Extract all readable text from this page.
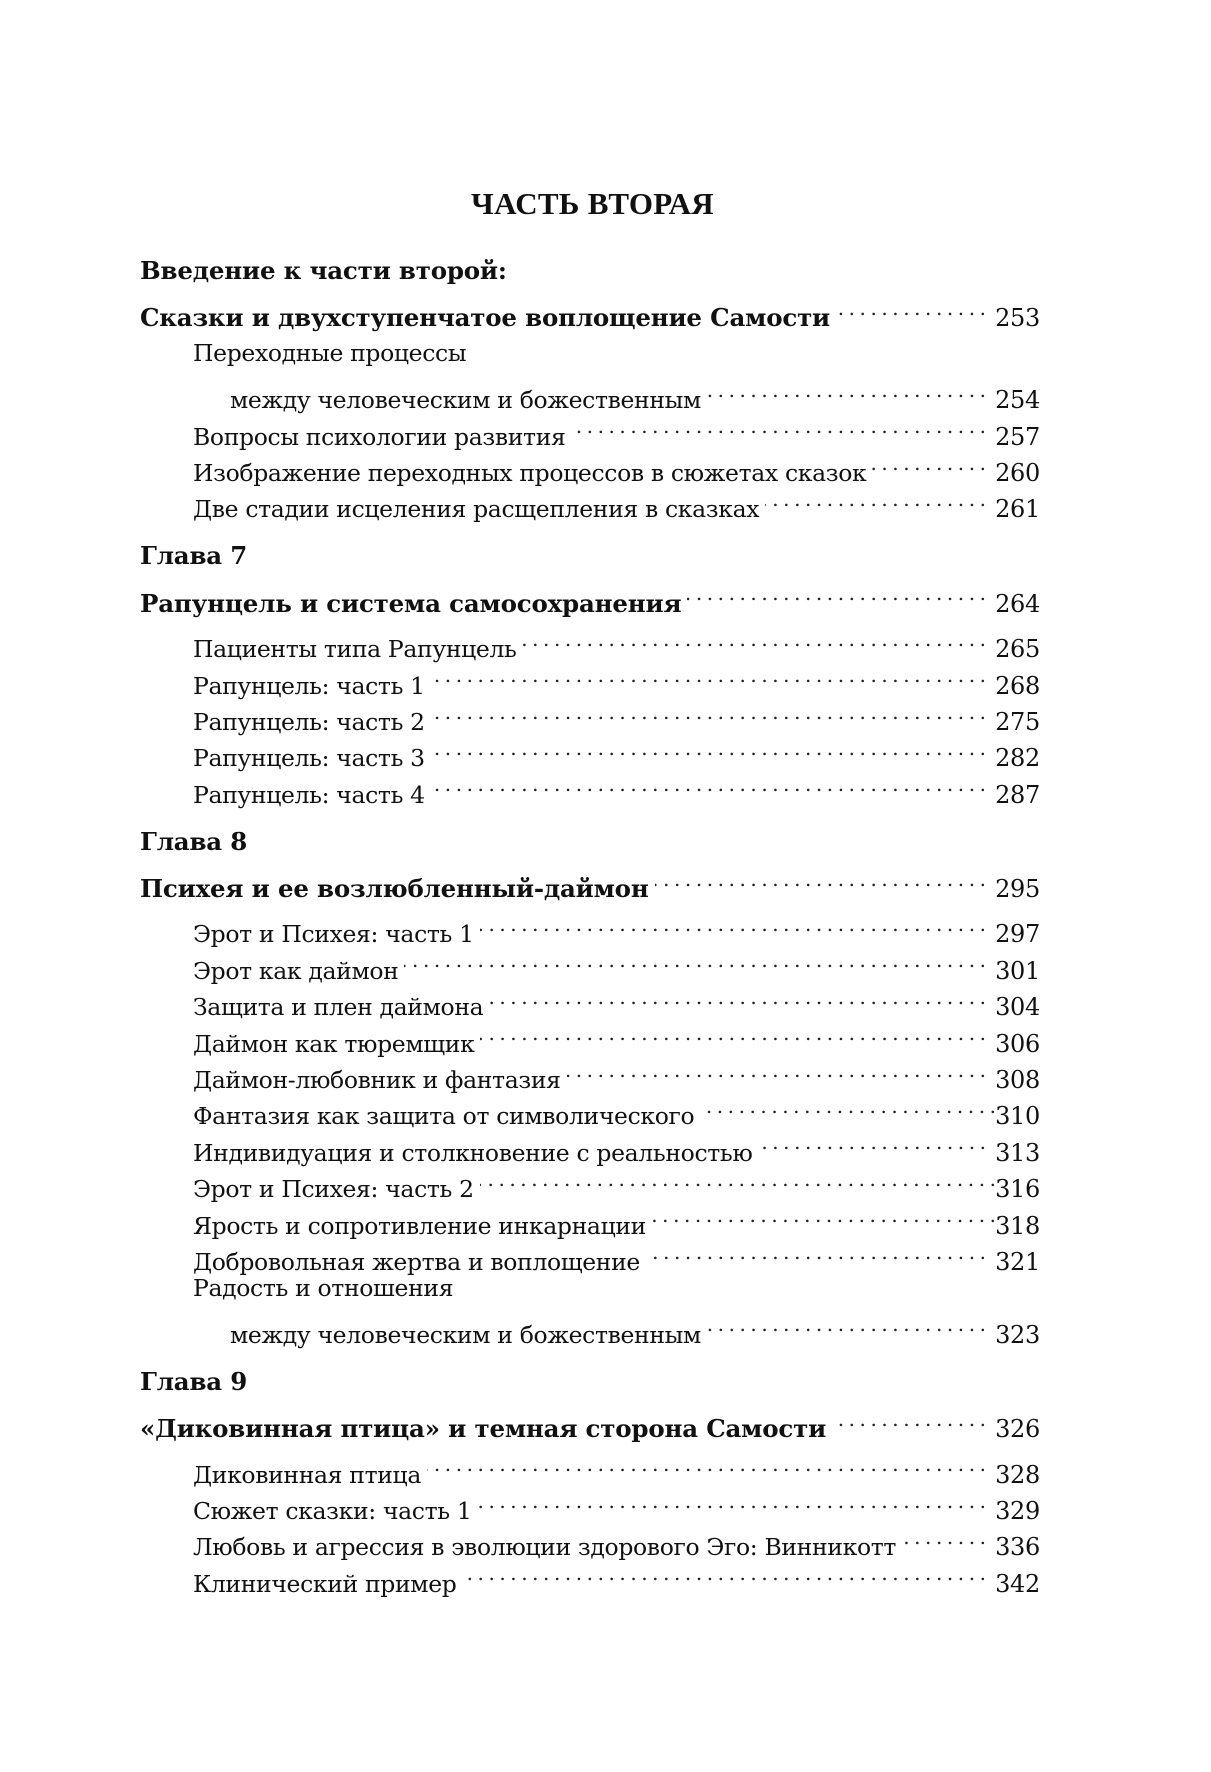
ЧАСТЬ ВТОРАЯ
Введение к части второй:
Сказки и двухступенчатое воплощение Самости . . .	253
Переходные процессы
между человеческим и божественным . . .	254
Вопросы психологии развития . . .	257
Изображение переходных процессов в сюжетах сказок . . .	260
Две стадии исцеления расщепления в сказках . . .	261
Глава 7
Рапунцель и система самосохранения . . .	264
Пациенты типа Рапунцель . . .	265
Рапунцель: часть 1 . . .	268
Рапунцель: часть 2 . . .	275
Рапунцель: часть 3 . . .	282
Рапунцель: часть 4 . . .	287
Глава 8
Психея и ее возлюбленный-даймон . . .	295
Эрот и Психея: часть 1 . . .	297
Эрот как даймон . . .	301
Защита и плен даймона . . .	304
Даймон как тюремщик . . .	306
Даймон-любовник и фантазия . . .	308
Фантазия как защита от символического . . .	310
Индивидуация и столкновение с реальностью . . .	313
Эрот и Психея: часть 2 . . .	316
Ярость и сопротивление инкарнации . . .	318
Добровольная жертва и воплощение . . .	321
Радость и отношения
между человеческим и божественным . . .	323
Глава 9
«Диковинная птица» и темная сторона Самости . . .	326
Диковинная птица . . .	328
Сюжет сказки: часть 1 . . .	329
Любовь и агрессия в эволюции здорового Эго: Винникотт . . .	336
Клинический пример . . .	342
